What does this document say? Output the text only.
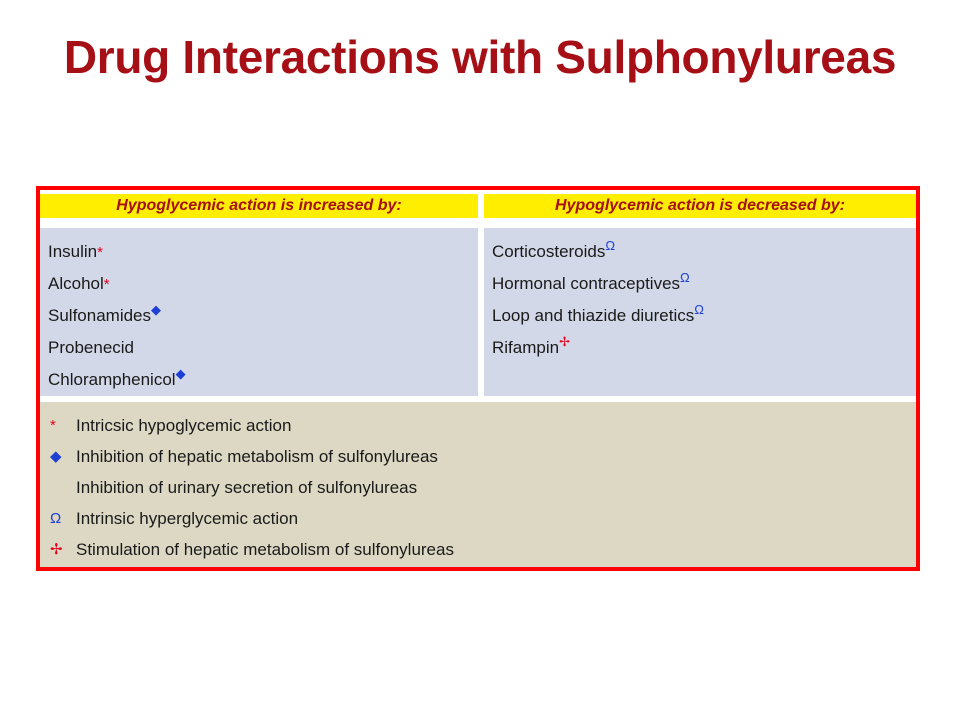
Drug Interactions with Sulphonylureas
Hypoglycemic action is increased by:	Hypoglycemic action is decreased by:
Insulin*
Alcohol*
Sulfonamides◆
Probenecid
Chloramphenicol◆
Corticosteroids$^\Omega$
Hormonal contraceptives$^\Omega$
Loop and thiazide diuretics$^\Omega$
Rifampin✢
*	Intricsic hypoglycemic action
◆ Inhibition of hepatic metabolism of sulfonylureas
Inhibition of urinary secretion of sulfonylureas
Ω Intrinsic hyperglycemic action
✢ Stimulation of hepatic metabolism of sulfonylureas
